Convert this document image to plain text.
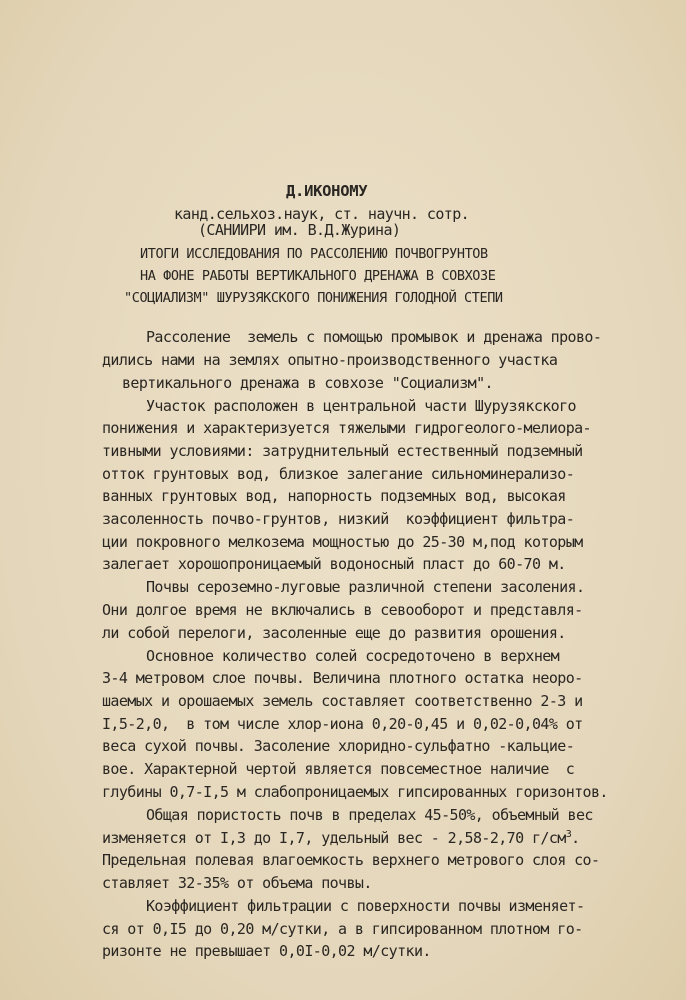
Д.ИКОНОМУ
канд.сельхоз.наук, ст. научн. сотр.
(САНИИРИ им. В.Д.Журина)
ИТОГИ ИССЛЕДОВАНИЯ ПО РАССОЛЕНИЮ ПОЧВОГРУНТОВ
НА ФОНЕ РАБОТЫ ВЕРТИКАЛЬНОГО ДРЕНАЖА В СОВХОЗЕ
"СОЦИАЛИЗМ" ШУРУЗЯКСКОГО ПОНИЖЕНИЯ ГОЛОДНОЙ СТЕПИ
Рассоление  земель с помощью промывок и дренажа прово-
дились нами на землях опытно-производственного участка
вертикального дренажа в совхозе "Социализм".
Участок расположен в центральной части Шурузякского
понижения и характеризуется тяжелыми гидрогеолого-мелиора-
тивными условиями: затруднительный естественный подземный
отток грунтовых вод, близкое залегание сильноминерализо-
ванных грунтовых вод, напорность подземных вод, высокая
засоленность почво-грунтов, низкий  коэффициент фильтра-
ции покровного мелкозема мощностью до 25-30 м,под которым
залегает хорошопроницаемый водоносный пласт до 60-70 м.
Почвы сероземно-луговые различной степени засоления.
Они долгое время не включались в севооборот и представля-
ли собой перелоги, засоленные еще до развития орошения.
Основное количество солей сосредоточено в верхнем
3-4 метровом слое почвы. Величина плотного остатка неоро-
шаемых и орошаемых земель составляет соответственно 2-3 и
I,5-2,0,  в том числе хлор-иона 0,20-0,45 и 0,02-0,04% от
веса сухой почвы. Засоление хлоридно-сульфатно -кальцие-
вое. Характерной чертой является повсеместное наличие  с
глубины 0,7-I,5 м слабопроницаемых гипсированных горизонтов.
Общая пористость почв в пределах 45-50%, объемный вес
изменяется от I,3 до I,7, удельный вес - 2,58-2,70 $г/см^3$.
Предельная полевая влагоемкость верхнего метрового слоя со-
ставляет 32-35% от объема почвы.
Коэффициент фильтрации с поверхности почвы изменяет-
ся от 0,I5 до 0,20 м/сутки, а в гипсированном плотном го-
ризонте не превышает 0,0I-0,02 м/сутки.
